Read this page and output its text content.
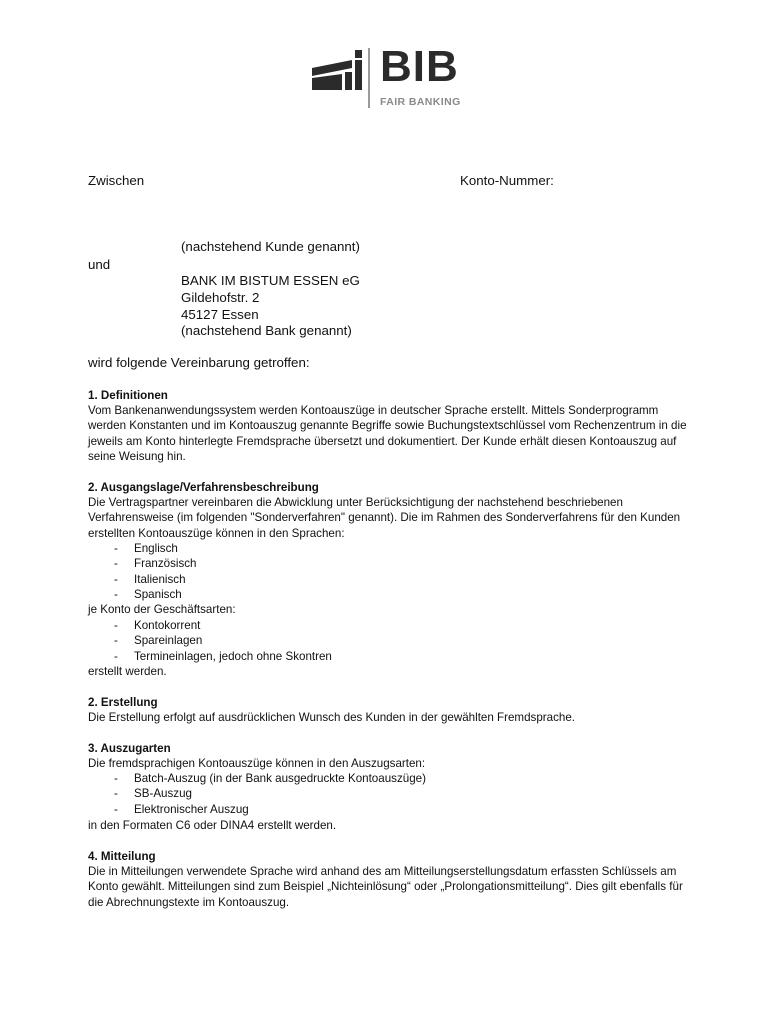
BIB
FAIR BANKING
Zwischen	Konto-Nummer:
(nachstehend Kunde genannt)
und
BANK IM BISTUM ESSEN eG
Gildehofstr. 2
45127 Essen
(nachstehend Bank genannt)
wird folgende Vereinbarung getroffen:
1. Definitionen
Vom Bankenanwendungssystem werden Kontoauszüge in deutscher Sprache erstellt. Mittels Sonderprogramm werden Konstanten und im Kontoauszug genannte Begriffe sowie Buchungstextschlüssel vom Rechenzentrum in die jeweils am Konto hinterlegte Fremdsprache übersetzt und dokumentiert. Der Kunde erhält diesen Kontoauszug auf seine Weisung hin.
2. Ausgangslage/Verfahrensbeschreibung
Die Vertragspartner vereinbaren die Abwicklung unter Berücksichtigung der nachstehend beschriebenen Verfahrensweise (im folgenden "Sonderverfahren" genannt). Die im Rahmen des Sonderverfahrens für den Kunden erstellten Kontoauszüge können in den Sprachen:
- Englisch
- Französisch
- Italienisch
- Spanisch
je Konto der Geschäftsarten:
- Kontokorrent
- Spareinlagen
- Termineinlagen, jedoch ohne Skontren
erstellt werden.
2. Erstellung
Die Erstellung erfolgt auf ausdrücklichen Wunsch des Kunden in der gewählten Fremdsprache.
3. Auszugarten
Die fremdsprachigen Kontoauszüge können in den Auszugsarten:
- Batch-Auszug (in der Bank ausgedruckte Kontoauszüge)
- SB-Auszug
- Elektronischer Auszug
in den Formaten C6 oder DINA4 erstellt werden.
4. Mitteilung
Die in Mitteilungen verwendete Sprache wird anhand des am Mitteilungserstellungsdatum erfassten Schlüssels am Konto gewählt. Mitteilungen sind zum Beispiel „Nichteinlösung“ oder „Prolongationsmitteilung“. Dies gilt ebenfalls für die Abrechnungstexte im Kontoauszug.
